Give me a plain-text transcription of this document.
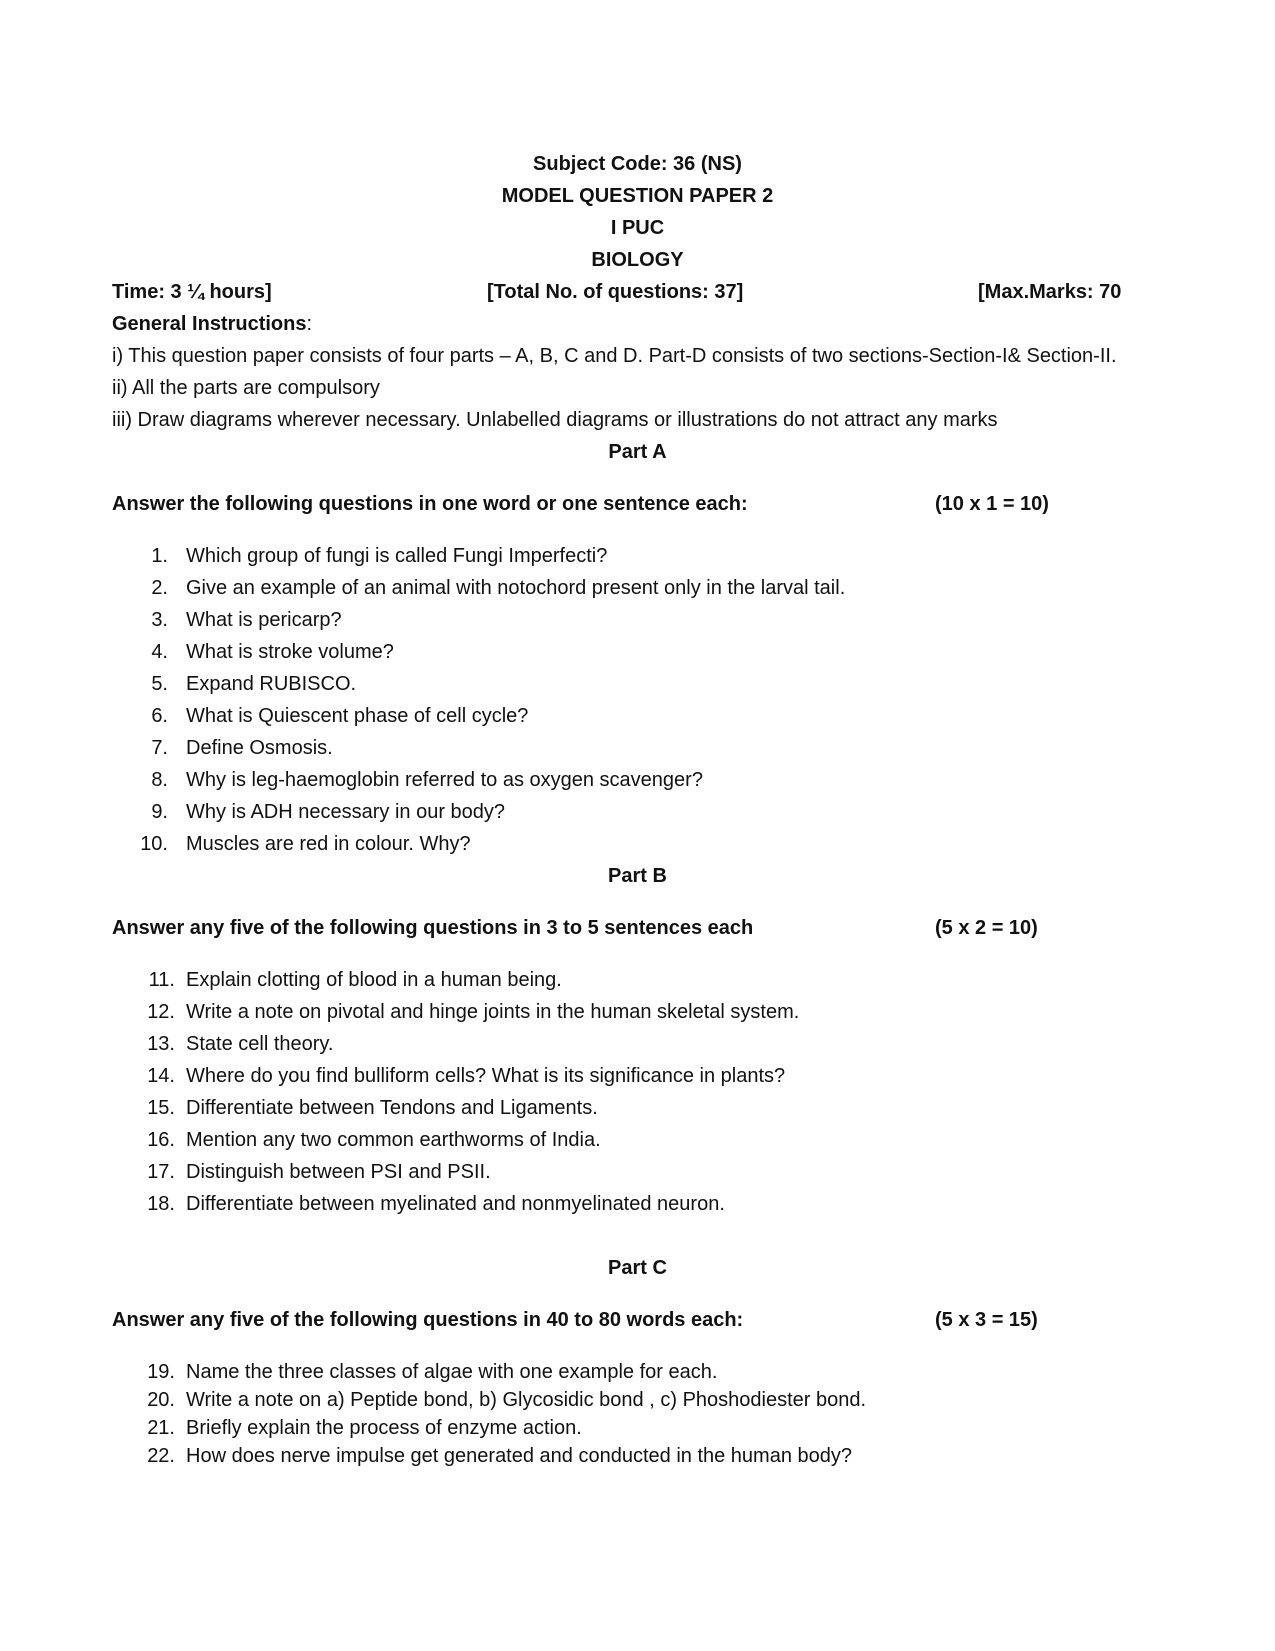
Subject Code: 36 (NS)
MODEL QUESTION PAPER 2
I PUC
BIOLOGY
Time: 3 ¼ hours]	[Total No. of questions: 37]	[Max.Marks: 70
General Instructions:
i) This question paper consists of four parts – A, B, C and D. Part-D consists of two sections-Section-I& Section-II.
ii) All the parts are compulsory
iii) Draw diagrams wherever necessary. Unlabelled diagrams or illustrations do not attract any marks
Part A
Answer the following questions in one word or one sentence each:	(10 x 1 = 10)
1. Which group of fungi is called Fungi Imperfecti?
2. Give an example of an animal with notochord present only in the larval tail.
3. What is pericarp?
4. What is stroke volume?
5. Expand RUBISCO.
6. What is Quiescent phase of cell cycle?
7. Define Osmosis.
8. Why is leg-haemoglobin referred to as oxygen scavenger?
9. Why is ADH necessary in our body?
10. Muscles are red in colour. Why?
Part B
Answer any five of the following questions in 3 to 5 sentences each	(5 x 2 = 10)
11. Explain clotting of blood in a human being.
12. Write a note on pivotal and hinge joints in the human skeletal system.
13. State cell theory.
14. Where do you find bulliform cells? What is its significance in plants?
15. Differentiate between Tendons and Ligaments.
16. Mention any two common earthworms of India.
17. Distinguish between PSI and PSII.
18. Differentiate between myelinated and nonmyelinated neuron.
Part C
Answer any five of the following questions in 40 to 80 words each:	(5 x 3 = 15)
19. Name the three classes of algae with one example for each.
20. Write a note on a) Peptide bond, b) Glycosidic bond , c) Phoshodiester bond.
21. Briefly explain the process of enzyme action.
22. How does nerve impulse get generated and conducted in the human body?
